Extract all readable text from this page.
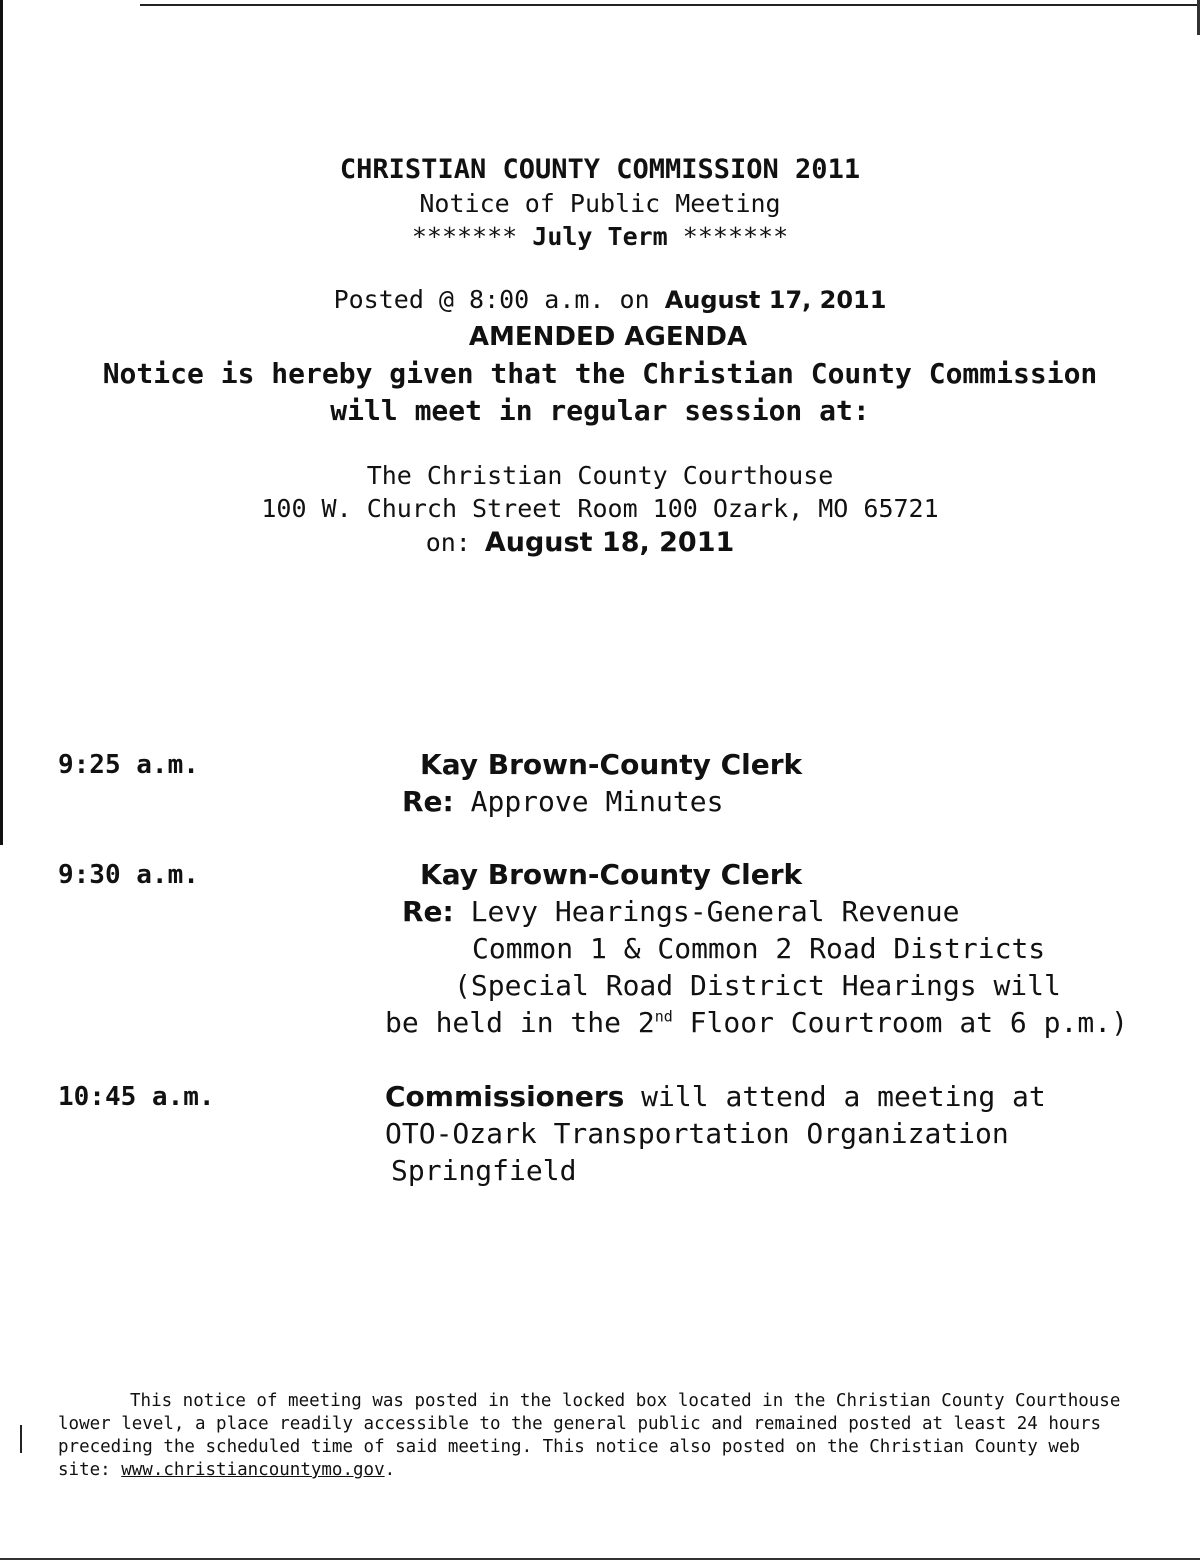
CHRISTIAN COUNTY COMMISSION 2011
Notice of Public Meeting
******* July Term *******
Posted @ 8:00 a.m. on August 17, 2011
AMENDED AGENDA
Notice is hereby given that the Christian County Commission
will meet in regular session at:
The Christian County Courthouse
100 W. Church Street Room 100 Ozark, MO 65721
on: August 18, 2011
9:25 a.m.	Kay Brown-County Clerk
Re: Approve Minutes
9:30 a.m.	Kay Brown-County Clerk
Re: Levy Hearings-General Revenue
Common 1 & Common 2 Road Districts
(Special Road District Hearings will
be held in the 2nd Floor Courtroom at 6 p.m.)
10:45 a.m.	Commissioners will attend a meeting at
OTO-Ozark Transportation Organization
Springfield
This notice of meeting was posted in the locked box located in the Christian County Courthouse
lower level, a place readily accessible to the general public and remained posted at least 24 hours
preceding the scheduled time of said meeting. This notice also posted on the Christian County web
site: www.christiancountymo.gov.
